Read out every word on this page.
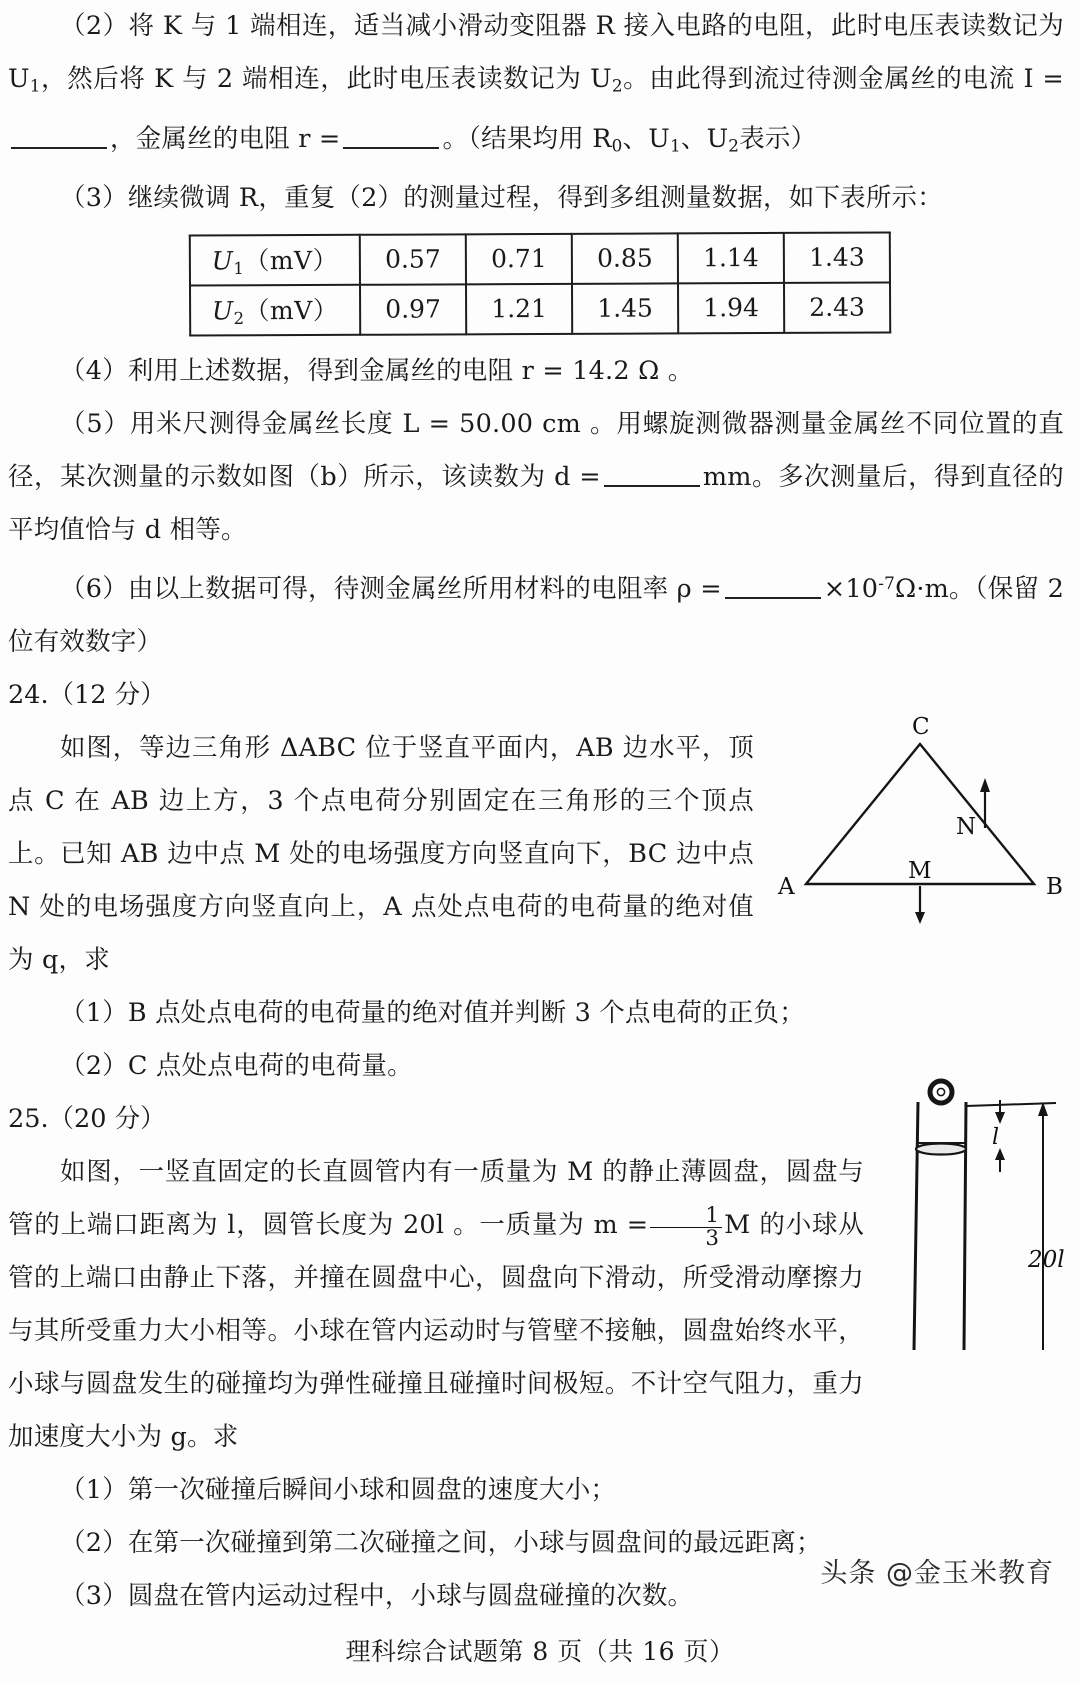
（2）将 K 与 1 端相连，适当减小滑动变阻器 R 接入电路的电阻，此时电压表读数记为 $U_1$，然后将 K 与 2 端相连，此时电压表读数记为 $U_2$。由此得到流过待测金属丝的电流 I =，金属丝的电阻 r =	。（结果均用 $R_0$、$U_1$、$U_2$表示）

（3）继续微调 R，重复（2）的测量过程，得到多组测量数据，如下表所示：

$U_1(mV)$	0.57	0.71	0.85	1.14	1.43
$U_2(mV)$	0.97	1.21	1.45	1.94	2.43

（4）利用上述数据，得到金属丝的电阻 r = 14.2 Ω 。

（5）用米尺测得金属丝长度 L = 50.00 cm 。用螺旋测微器测量金属丝不同位置的直径，某次测量的示数如图（b）所示，该读数为 d =	mm。多次测量后，得到直径的平均值恰与 d 相等。

（6）由以上数据可得，待测金属丝所用材料的电阻率 ρ =	$\times 10^{-7}\Omega\cdot m$。（保留 2 位有效数字）

24.（12 分）

如图，等边三角形 ΔABC 位于竖直平面内，AB 边水平，顶点 C 在 AB 边上方，3 个点电荷分别固定在三角形的三个顶点上。已知 AB 边中点 M 处的电场强度方向竖直向下，BC 边中点 N 处的电场强度方向竖直向上，A 点处点电荷的电荷量的绝对值为 q，求

（1）B 点处点电荷的电荷量的绝对值并判断 3 个点电荷的正负；

（2）C 点处点电荷的电荷量。

C
A	B
M
N

25.（20 分）

如图，一竖直固定的长直圆管内有一质量为 M 的静止薄圆盘，圆盘与管的上端口距离为 l，圆管长度为 20l 。一质量为 $m = \frac{1}{3}$ M 的小球从管的上端口由静止下落，并撞在圆盘中心，圆盘向下滑动，所受滑动摩擦力与其所受重力大小相等。小球在管内运动时与管壁不接触，圆盘始终水平，小球与圆盘发生的碰撞均为弹性碰撞且碰撞时间极短。不计空气阻力，重力加速度大小为 g。求

（1）第一次碰撞后瞬间小球和圆盘的速度大小；

（2）在第一次碰撞到第二次碰撞之间，小球与圆盘间的最远距离；

（3）圆盘在管内运动过程中，小球与圆盘碰撞的次数。

l
20l
头条 @金玉米教育
理科综合试题第 8 页（共 16 页）
